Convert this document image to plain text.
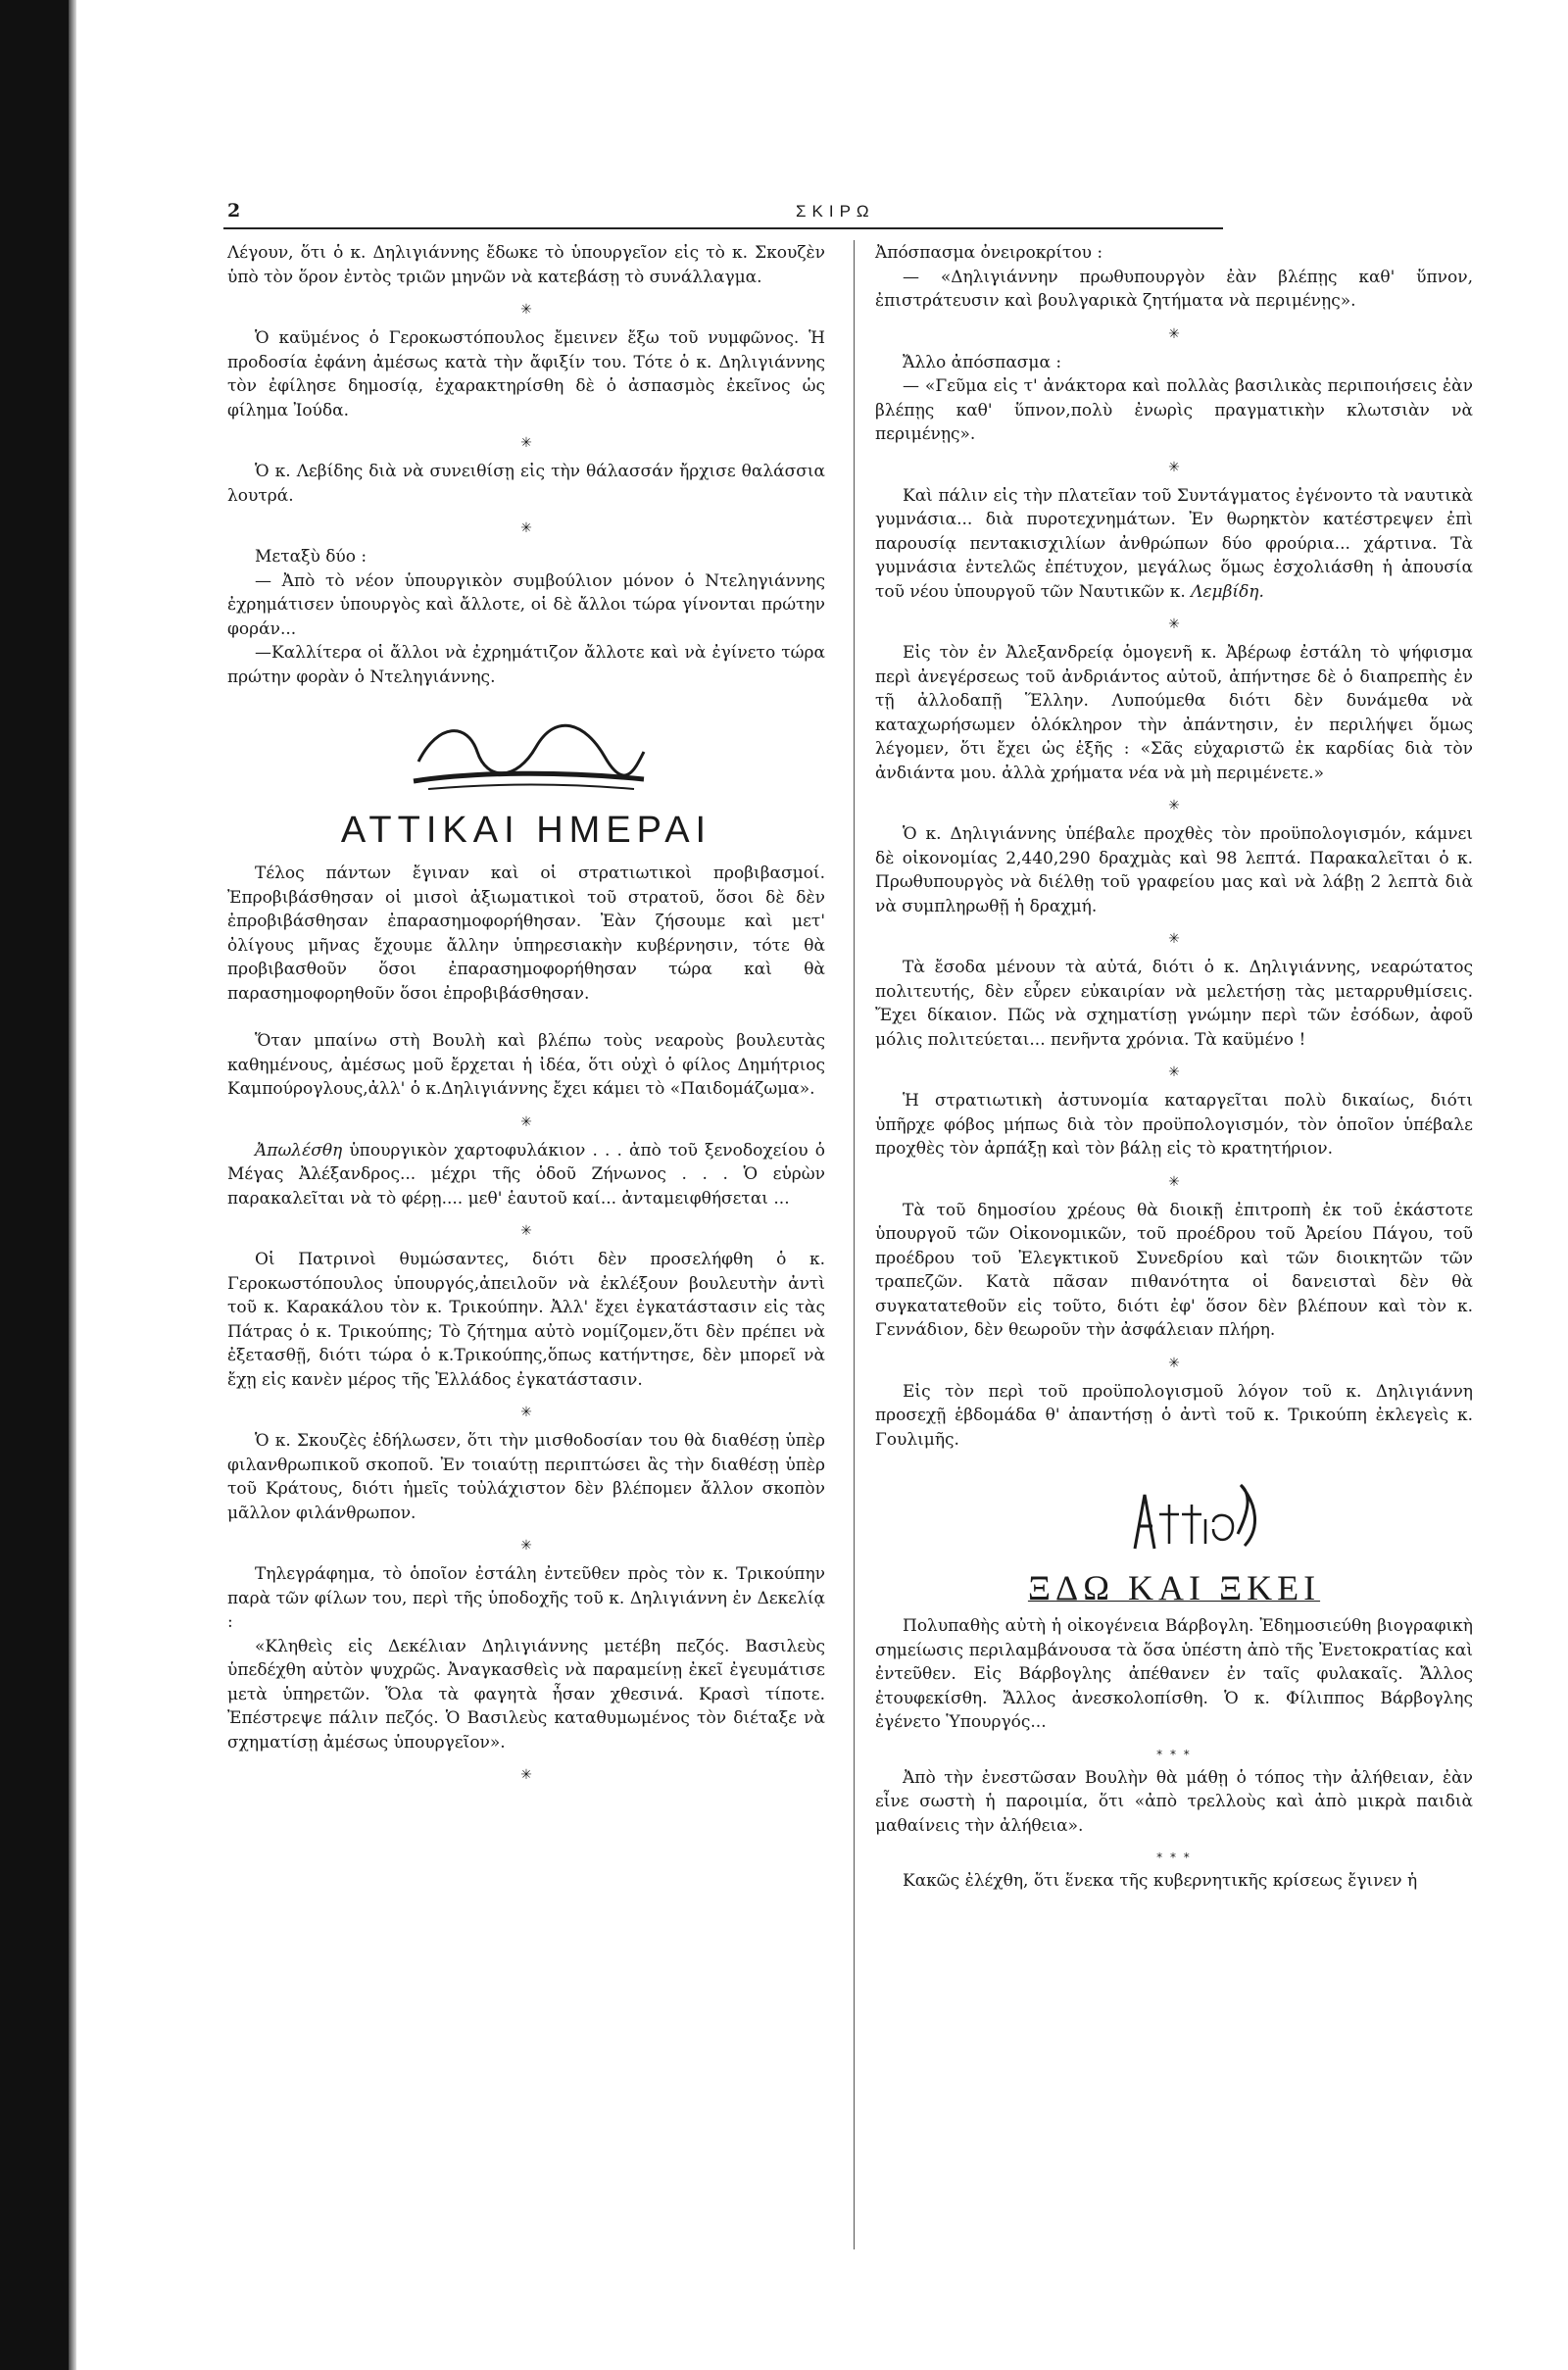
2	ΣΚΙΡΩ

Λέγουν, ὅτι ὁ κ. Δηλιγιάννης ἔδωκε τὸ ὑπουργεῖον εἰς τὸ κ. Σκουζὲν ὑπὸ τὸν ὅρον ἐντὸς τριῶν μηνῶν νὰ κατεβάσῃ τὸ συνάλλαγμα.

✳

Ὁ καϋμένος ὁ Γεροκωστόπουλος ἔμεινεν ἔξω τοῦ νυμφῶνος. Ἡ προδοσία ἐφάνη ἀμέσως κατὰ τὴν ἄφιξίν του. Τότε ὁ κ. Δηλιγιάννης τὸν ἐφίλησε δημοσίᾳ, ἐχαρακτηρίσθη δὲ ὁ ἀσπασμὸς ἐκεῖνος ὡς φίλημα Ἰούδα.

✳

Ὁ κ. Λεβίδης διὰ νὰ συνειθίσῃ εἰς τὴν θάλασσάν ἤρχισε θαλάσσια λουτρά.

✳

Μεταξὺ δύο :

— Ἀπὸ τὸ νέον ὑπουργικὸν συμβούλιον μόνον ὁ Ντεληγιάννης ἐχρημάτισεν ὑπουργὸς καὶ ἄλλοτε, οἱ δὲ ἄλλοι τώρα γίνονται πρώτην φοράν...

—Καλλίτερα οἱ ἄλλοι νὰ ἐχρημάτιζον ἄλλοτε καὶ νὰ ἐγίνετο τώρα πρώτην φορὰν ὁ Ντεληγιάννης.

ΑΤΤΙΚΑΙ ΗΜΕΡΑΙ

Τέλος πάντων ἔγιναν καὶ οἱ στρατιωτικοὶ προβιβασμοί. Ἐπροβιβάσθησαν οἱ μισοὶ ἀξιωματικοὶ τοῦ στρατοῦ, ὅσοι δὲ δὲν ἐπροβιβάσθησαν ἐπαρασημοφορήθησαν. Ἐὰν ζήσουμε καὶ μετ' ὀλίγους μῆνας ἔχουμε ἄλλην ὑπηρεσιακὴν κυβέρνησιν, τότε θὰ προβιβασθοῦν ὅσοι ἐπαρασημοφορήθησαν τώρα καὶ θὰ παρασημοφορηθοῦν ὅσοι ἐπροβιβάσθησαν.

Ὅταν μπαίνω στὴ Βουλὴ καὶ βλέπω τοὺς νεαροὺς βουλευτὰς καθημένους, ἀμέσως μοῦ ἔρχεται ἡ ἰδέα, ὅτι οὐχὶ ὁ φίλος Δημήτριος Καμπούρογλους,ἀλλ' ὁ κ.Δηλιγιάννης ἔχει κάμει τὸ «Παιδομάζωμα».

✳

Ἀπωλέσθη ὑπουργικὸν χαρτοφυλάκιον . . . ἀπὸ τοῦ ξενοδοχείου ὁ Μέγας Ἀλέξανδρος... μέχρι τῆς ὁδοῦ Ζήνωνος . . . Ὁ εὑρὼν παρακαλεῖται νὰ τὸ φέρῃ.... μεθ' ἑαυτοῦ καί... ἀνταμειφθήσεται ...

✳

Οἱ Πατρινοὶ θυμώσαντες, διότι δὲν προσελήφθη ὁ κ. Γεροκωστόπουλος ὑπουργός,ἀπειλοῦν νὰ ἐκλέξουν βουλευτὴν ἀντὶ τοῦ κ. Καρακάλου τὸν κ. Τρικούπην. Ἀλλ' ἔχει ἐγκατάστασιν εἰς τὰς Πάτρας ὁ κ. Τρικούπης; Τὸ ζήτημα αὐτὸ νομίζομεν,ὅτι δὲν πρέπει νὰ ἐξετασθῇ, διότι τώρα ὁ κ.Τρικούπης,ὅπως κατήντησε, δὲν μπορεῖ νὰ ἔχῃ εἰς κανὲν μέρος τῆς Ἑλλάδος ἐγκατάστασιν.

✳

Ὁ κ. Σκουζὲς ἐδήλωσεν, ὅτι τὴν μισθοδοσίαν του θὰ διαθέσῃ ὑπὲρ φιλανθρωπικοῦ σκοποῦ. Ἐν τοιαύτῃ περιπτώσει ἂς τὴν διαθέσῃ ὑπὲρ τοῦ Κράτους, διότι ἡμεῖς τοὐλάχιστον δὲν βλέπομεν ἄλλον σκοπὸν μᾶλλον φιλάνθρωπον.

✳

Τηλεγράφημα, τὸ ὁποῖον ἐστάλη ἐντεῦθεν πρὸς τὸν κ. Τρικούπην παρὰ τῶν φίλων του, περὶ τῆς ὑποδοχῆς τοῦ κ. Δηλιγιάννη ἐν Δεκελίᾳ :

«Κληθεὶς εἰς Δεκέλιαν Δηλιγιάννης μετέβη πεζός. Βασιλεὺς ὑπεδέχθη αὐτὸν ψυχρῶς. Ἀναγκασθεὶς νὰ παραμείνῃ ἐκεῖ ἐγευμάτισε μετὰ ὑπηρετῶν. Ὅλα τὰ φαγητὰ ἦσαν χθεσινά. Κρασὶ τίποτε. Ἐπέστρεψε πάλιν πεζός. Ὁ Βασιλεὺς καταθυμωμένος τὸν διέταξε νὰ σχηματίσῃ ἀμέσως ὑπουργεῖον».

✳

Ἀπόσπασμα ὀνειροκρίτου :

— «Δηλιγιάννην πρωθυπουργὸν ἐὰν βλέπῃς καθ' ὕπνον, ἐπιστράτευσιν καὶ βουλγαρικὰ ζητήματα νὰ περιμένῃς».

✳

Ἄλλο ἀπόσπασμα :

— «Γεῦμα εἰς τ' ἀνάκτορα καὶ πολλὰς βασιλικὰς περιποιήσεις ἐὰν βλέπῃς καθ' ὕπνον,πολὺ ἐνωρὶς πραγματικὴν κλωτσιὰν νὰ περιμένῃς».

✳

Καὶ πάλιν εἰς τὴν πλατεῖαν τοῦ Συντάγματος ἐγένοντο τὰ ναυτικὰ γυμνάσια... διὰ πυροτεχνημάτων. Ἐν θωρηκτὸν κατέστρεψεν ἐπὶ παρουσίᾳ πεντακισχιλίων ἀνθρώπων δύο φρούρια... χάρτινα. Τὰ γυμνάσια ἐντελῶς ἐπέτυχον, μεγάλως ὅμως ἐσχολιάσθη ἡ ἀπουσία τοῦ νέου ὑπουργοῦ τῶν Ναυτικῶν κ. Λεμβίδη.

✳

Εἰς τὸν ἐν Ἀλεξανδρείᾳ ὁμογενῆ κ. Ἀβέρωφ ἐστάλη τὸ ψήφισμα περὶ ἀνεγέρσεως τοῦ ἀνδριάντος αὐτοῦ, ἀπήντησε δὲ ὁ διαπρεπὴς ἐν τῇ ἀλλοδαπῇ Ἕλλην. Λυπούμεθα διότι δὲν δυνάμεθα νὰ καταχωρήσωμεν ὁλόκληρον τὴν ἀπάντησιν, ἐν περιλήψει ὅμως λέγομεν, ὅτι ἔχει ὡς ἑξῆς : «Σᾶς εὐχαριστῶ ἐκ καρδίας διὰ τὸν ἀνδιάντα μου. ἀλλὰ χρήματα νέα νὰ μὴ περιμένετε.»

✳

Ὁ κ. Δηλιγιάννης ὑπέβαλε προχθὲς τὸν προϋπολογισμόν, κάμνει δὲ οἰκονομίας 2,440,290 δραχμὰς καὶ 98 λεπτά. Παρακαλεῖται ὁ κ. Πρωθυπουργὸς νὰ διέλθῃ τοῦ γραφείου μας καὶ νὰ λάβῃ 2 λεπτὰ διὰ νὰ συμπληρωθῇ ἡ δραχμή.

✳

Τὰ ἔσοδα μένουν τὰ αὐτά, διότι ὁ κ. Δηλιγιάννης, νεαρώτατος πολιτευτής, δὲν εὗρεν εὐκαιρίαν νὰ μελετήσῃ τὰς μεταρρυθμίσεις. Ἔχει δίκαιον. Πῶς νὰ σχηματίσῃ γνώμην περὶ τῶν ἐσόδων, ἀφοῦ μόλις πολιτεύεται... πενῆντα χρόνια. Τὰ καϋμένο !

✳

Ἡ στρατιωτικὴ ἀστυνομία καταργεῖται πολὺ δικαίως, διότι ὑπῆρχε φόβος μήπως διὰ τὸν προϋπολογισμόν, τὸν ὁποῖον ὑπέβαλε προχθὲς τὸν ἀρπάξῃ καὶ τὸν βάλῃ εἰς τὸ κρατητήριον.

✳

Τὰ τοῦ δημοσίου χρέους θὰ διοικῇ ἐπιτροπὴ ἐκ τοῦ ἑκάστοτε ὑπουργοῦ τῶν Οἰκονομικῶν, τοῦ προέδρου τοῦ Ἀρείου Πάγου, τοῦ προέδρου τοῦ Ἐλεγκτικοῦ Συνεδρίου καὶ τῶν διοικητῶν τῶν τραπεζῶν. Κατὰ πᾶσαν πιθανότητα οἱ δανεισταὶ δὲν θὰ συγκατατεθοῦν εἰς τοῦτο, διότι ἐφ' ὅσον δὲν βλέπουν καὶ τὸν κ. Γεννάδιον, δὲν θεωροῦν τὴν ἀσφάλειαν πλήρη.

✳

Εἰς τὸν περὶ τοῦ προϋπολογισμοῦ λόγον τοῦ κ. Δηλιγιάννη προσεχῇ ἑβδομάδα θ' ἀπαντήσῃ ὁ ἀντὶ τοῦ κ. Τρικούπη ἐκλεγεὶς κ. Γουλιμῆς.

ΞΔΩ ΚΑΙ ΞΚΕΙ

Πολυπαθὴς αὐτὴ ἡ οἰκογένεια Βάρβογλη. Ἐδημοσιεύθη βιογραφικὴ σημείωσις περιλαμβάνουσα τὰ ὅσα ὑπέστη ἀπὸ τῆς Ἐνετοκρατίας καὶ ἐντεῦθεν. Εἰς Βάρβογλης ἀπέθανεν ἐν ταῖς φυλακαῖς. Ἄλλος ἐτουφεκίσθη. Ἄλλος ἀνεσκολοπίσθη. Ὁ κ. Φίλιππος Βάρβογλης ἐγένετο Ὑπουργός...

* * *

Ἀπὸ τὴν ἐνεστῶσαν Βουλὴν θὰ μάθῃ ὁ τόπος τὴν ἀλήθειαν, ἐὰν εἶνε σωστὴ ἡ παροιμία, ὅτι «ἀπὸ τρελλοὺς καὶ ἀπὸ μικρὰ παιδιὰ μαθαίνεις τὴν ἀλήθεια».

* * *

Κακῶς ἐλέχθη, ὅτι ἕνεκα τῆς κυβερνητικῆς κρίσεως ἔγινεν ἡ
